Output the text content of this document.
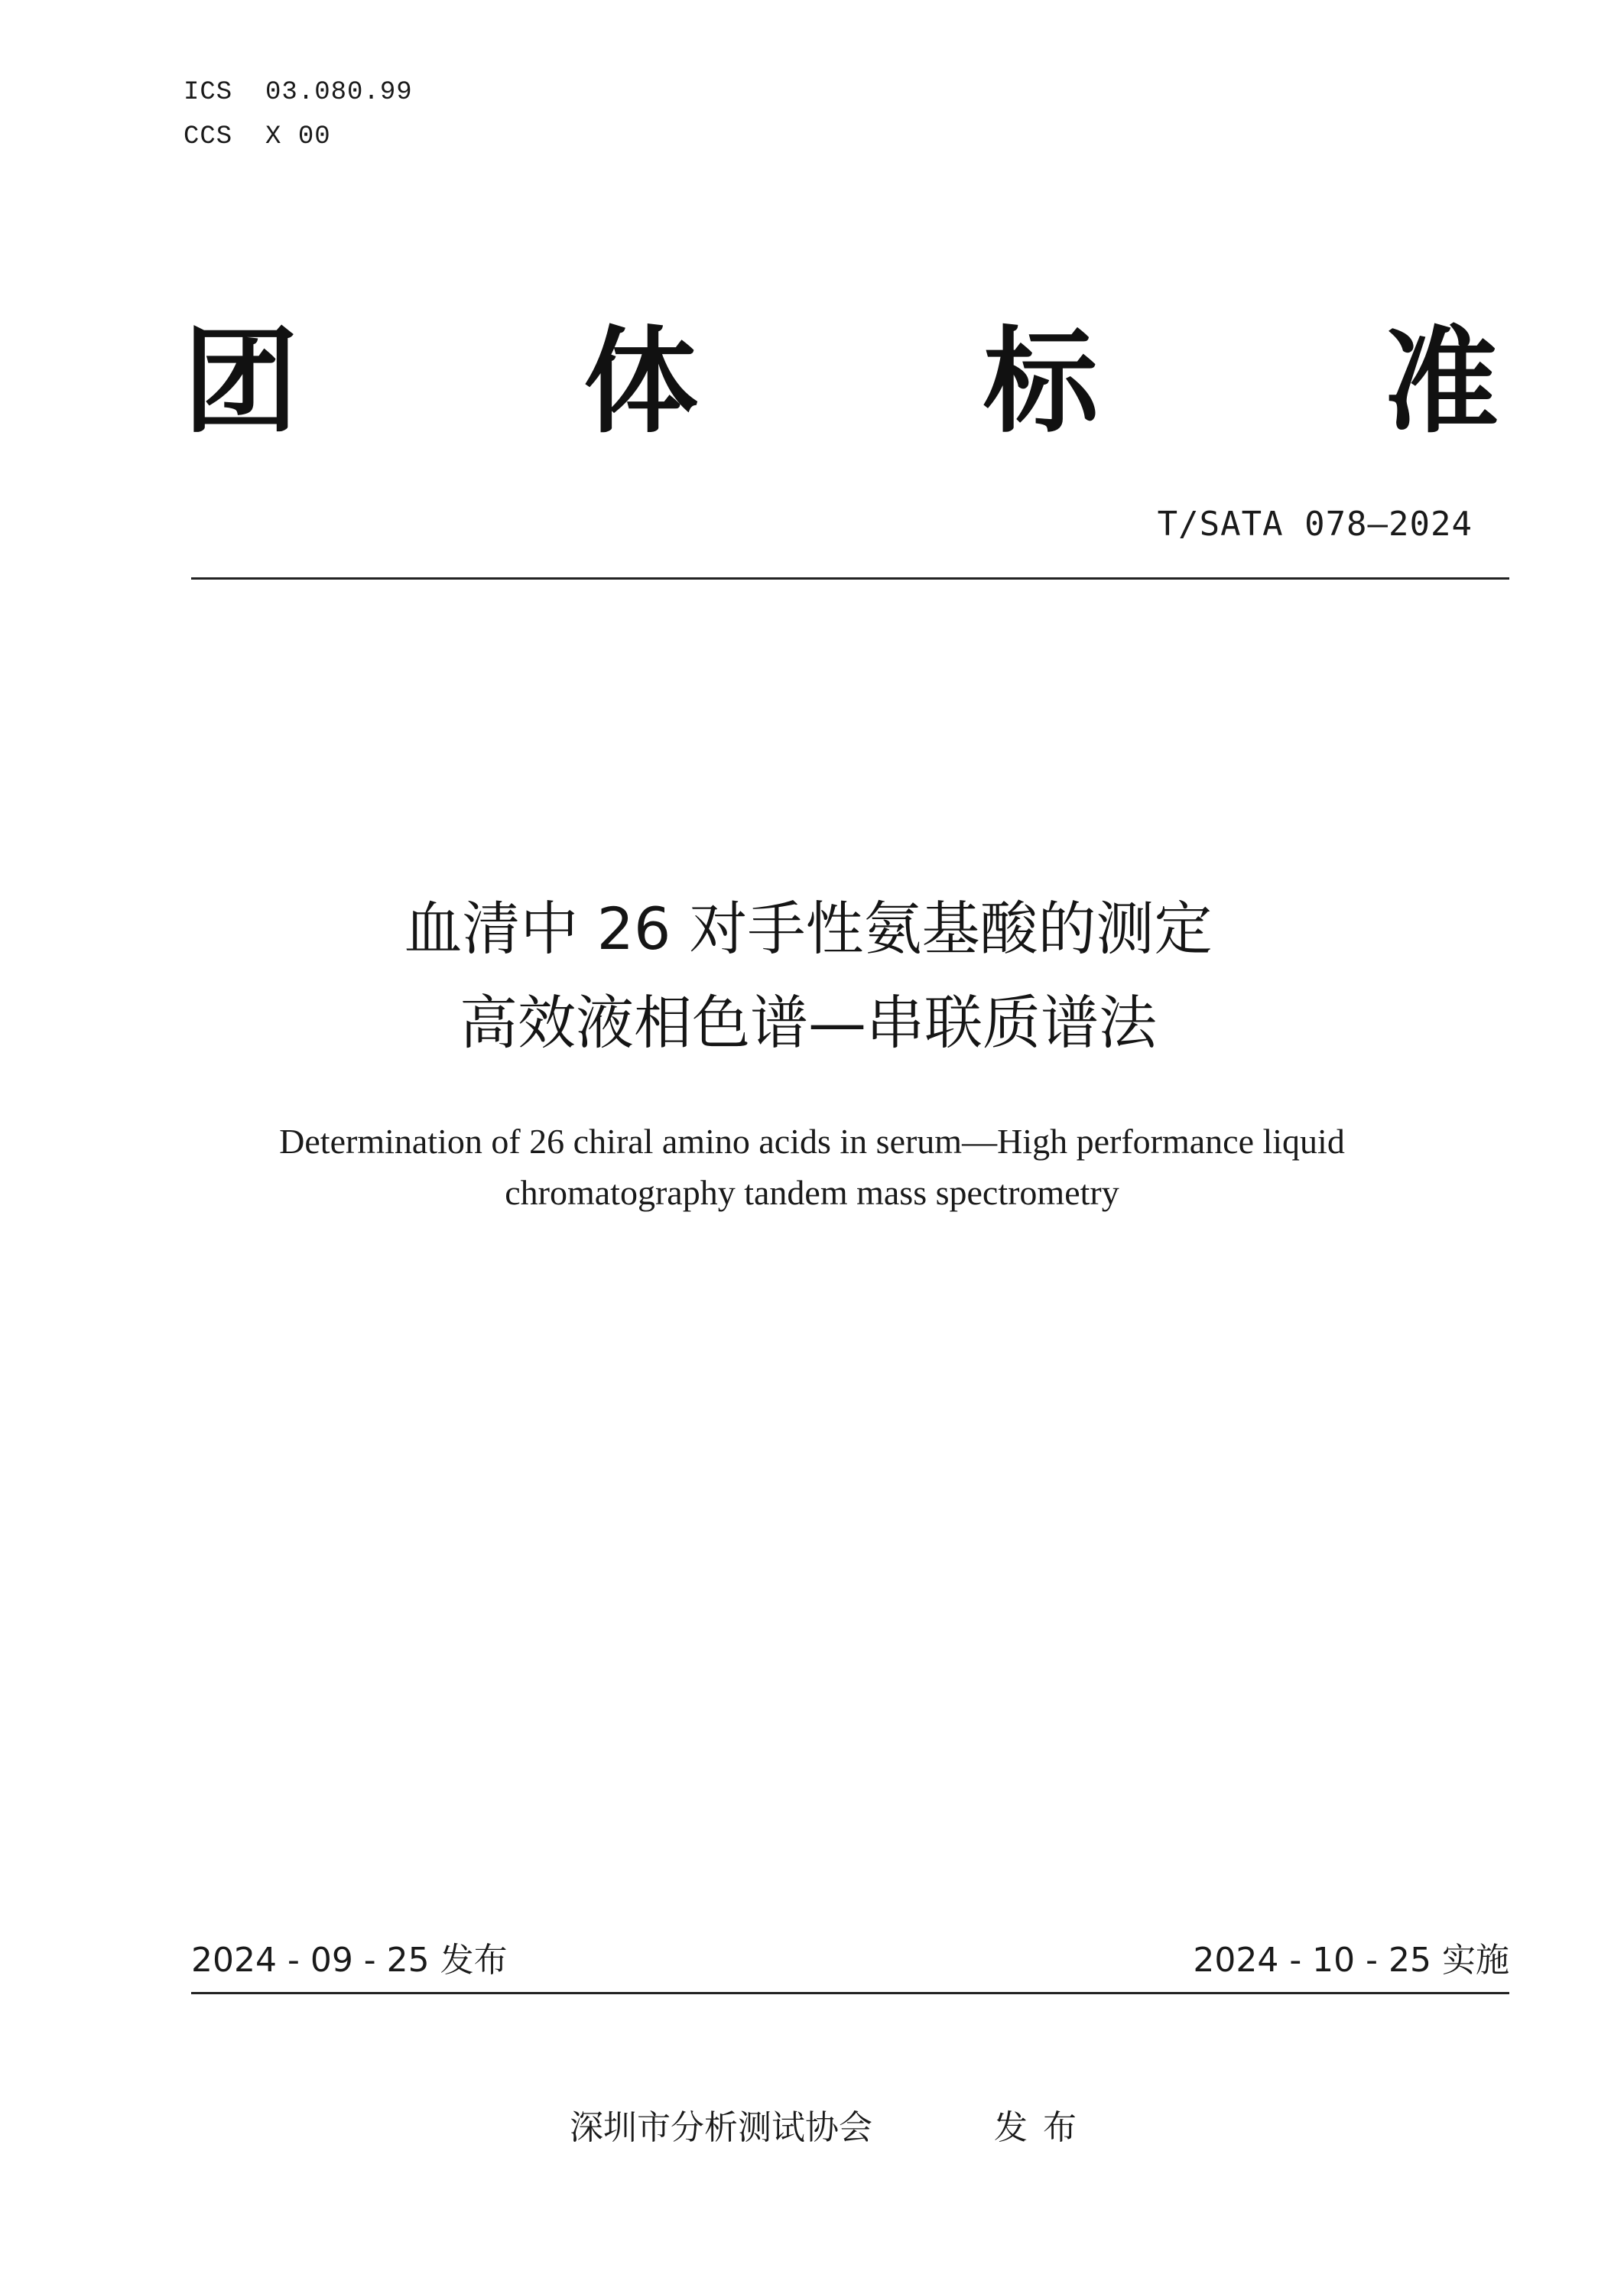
ICS  03.080.99
CCS  X 00
团 体 标 准
T/SATA 078—2024
血清中 26 对手性氨基酸的测定
高效液相色谱—串联质谱法
Determination of 26 chiral amino acids in serum—High performance liquid
chromatography tandem mass spectrometry
2024 - 09 - 25 发布	2024 - 10 - 25 实施
深圳市分析测试协会	发布
